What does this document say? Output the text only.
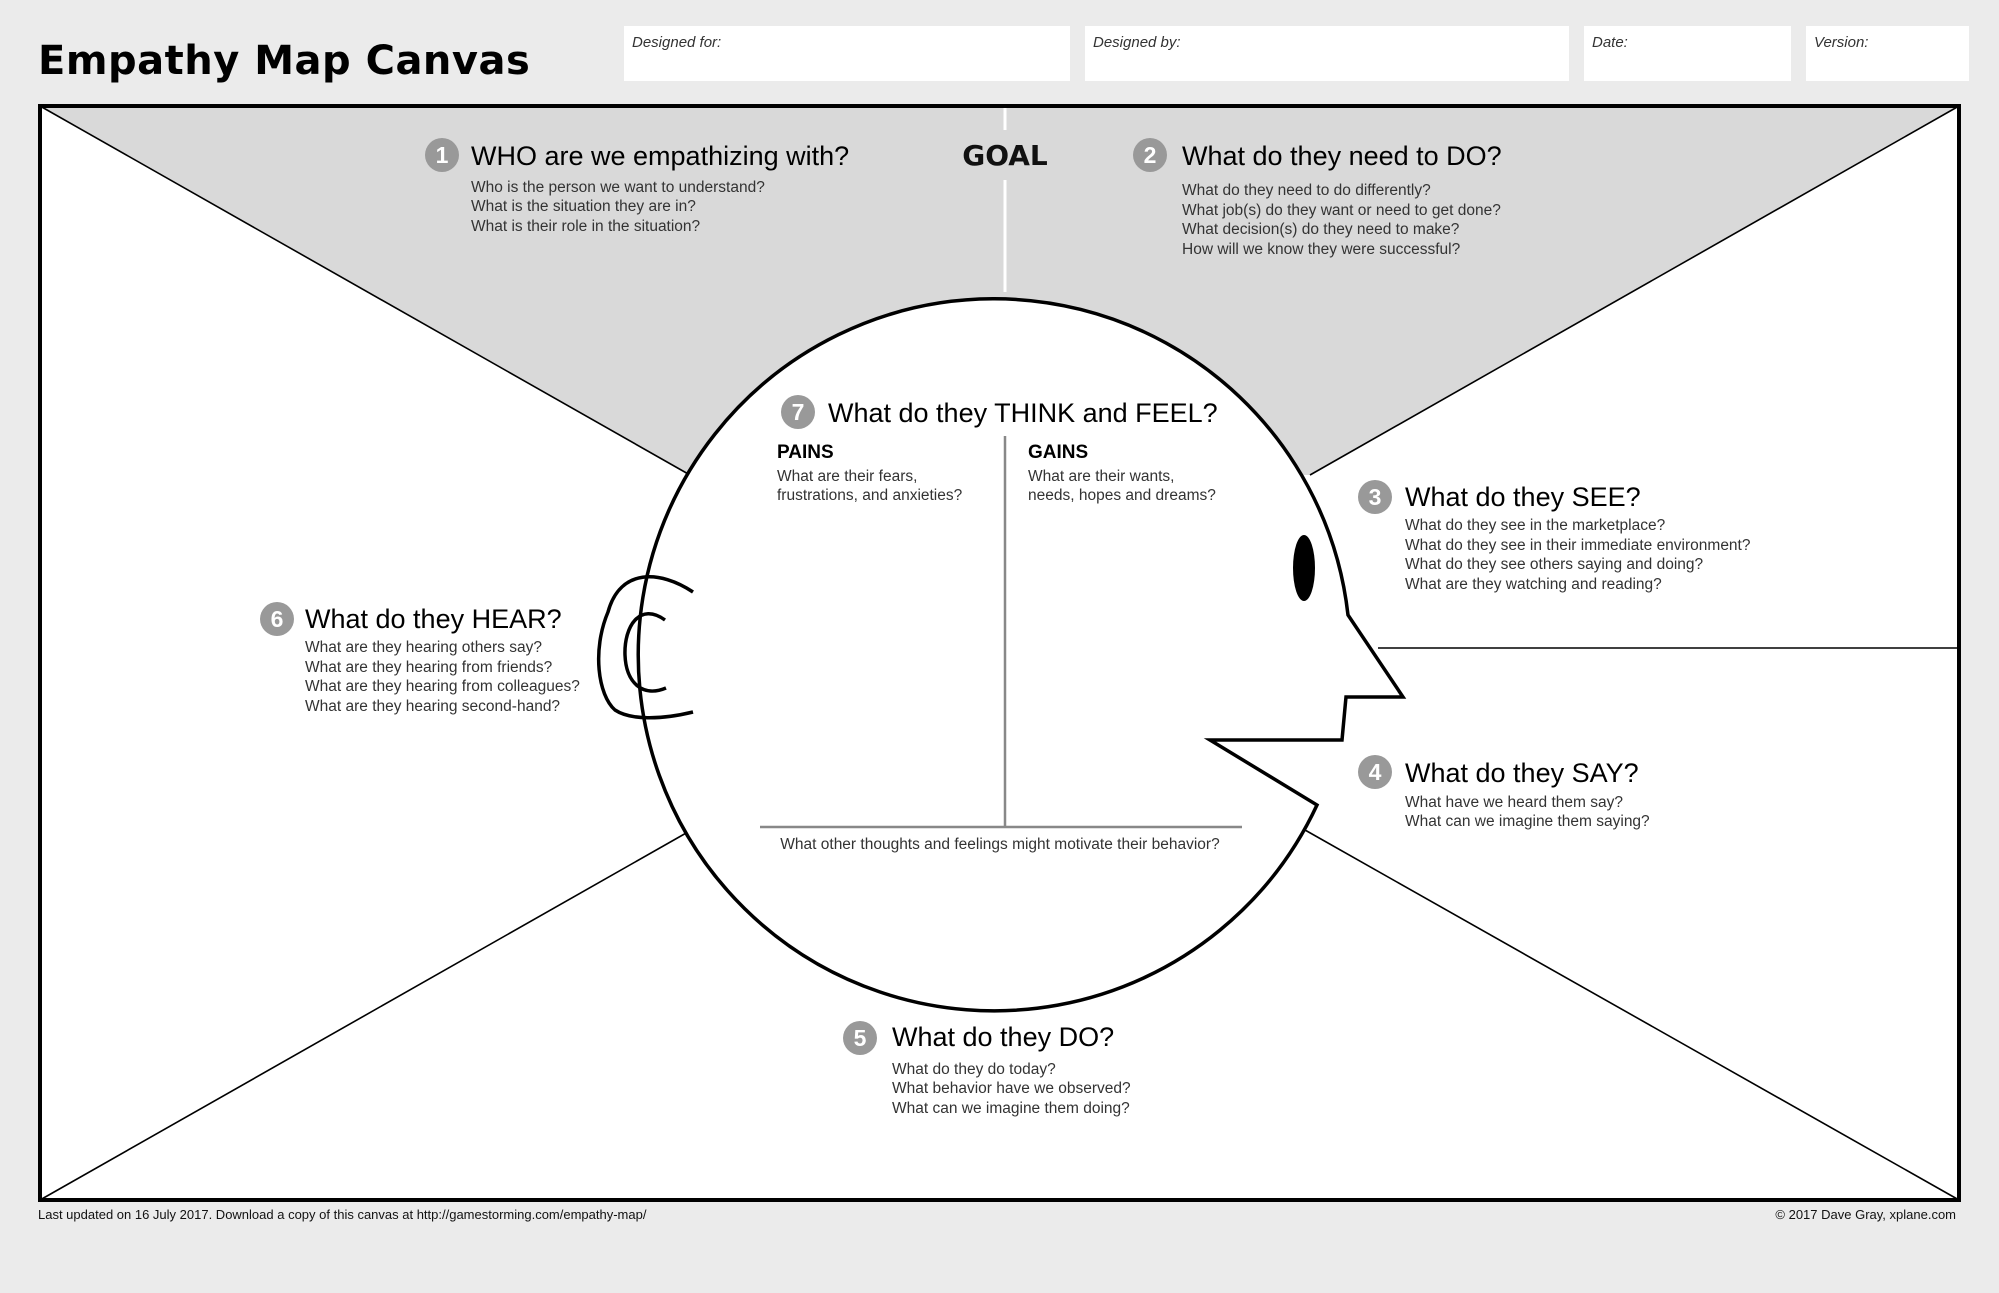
Empathy Map Canvas	Designed for:	Designed by:	Date:	Version:
GOAL
1 WHO are we empathizing with?
Who is the person we want to understand?
What is the situation they are in?
What is their role in the situation?
2 What do they need to DO?
What do they need to do differently?
What job(s) do they want or need to get done?
What decision(s) do they need to make?
How will we know they were successful?
3 What do they SEE?
What do they see in the marketplace?
What do they see in their immediate environment?
What do they see others saying and doing?
What are they watching and reading?
4 What do they SAY?
What have we heard them say?
What can we imagine them saying?
5 What do they DO?
What do they do today?
What behavior have we observed?
What can we imagine them doing?
6 What do they HEAR?
What are they hearing others say?
What are they hearing from friends?
What are they hearing from colleagues?
What are they hearing second-hand?
7 What do they THINK and FEEL?
PAINS
What are their fears,
frustrations, and anxieties?
GAINS
What are their wants,
needs, hopes and dreams?
What other thoughts and feelings might motivate their behavior?
Last updated on 16 July 2017. Download a copy of this canvas at http://gamestorming.com/empathy-map/	© 2017 Dave Gray, xplane.com
